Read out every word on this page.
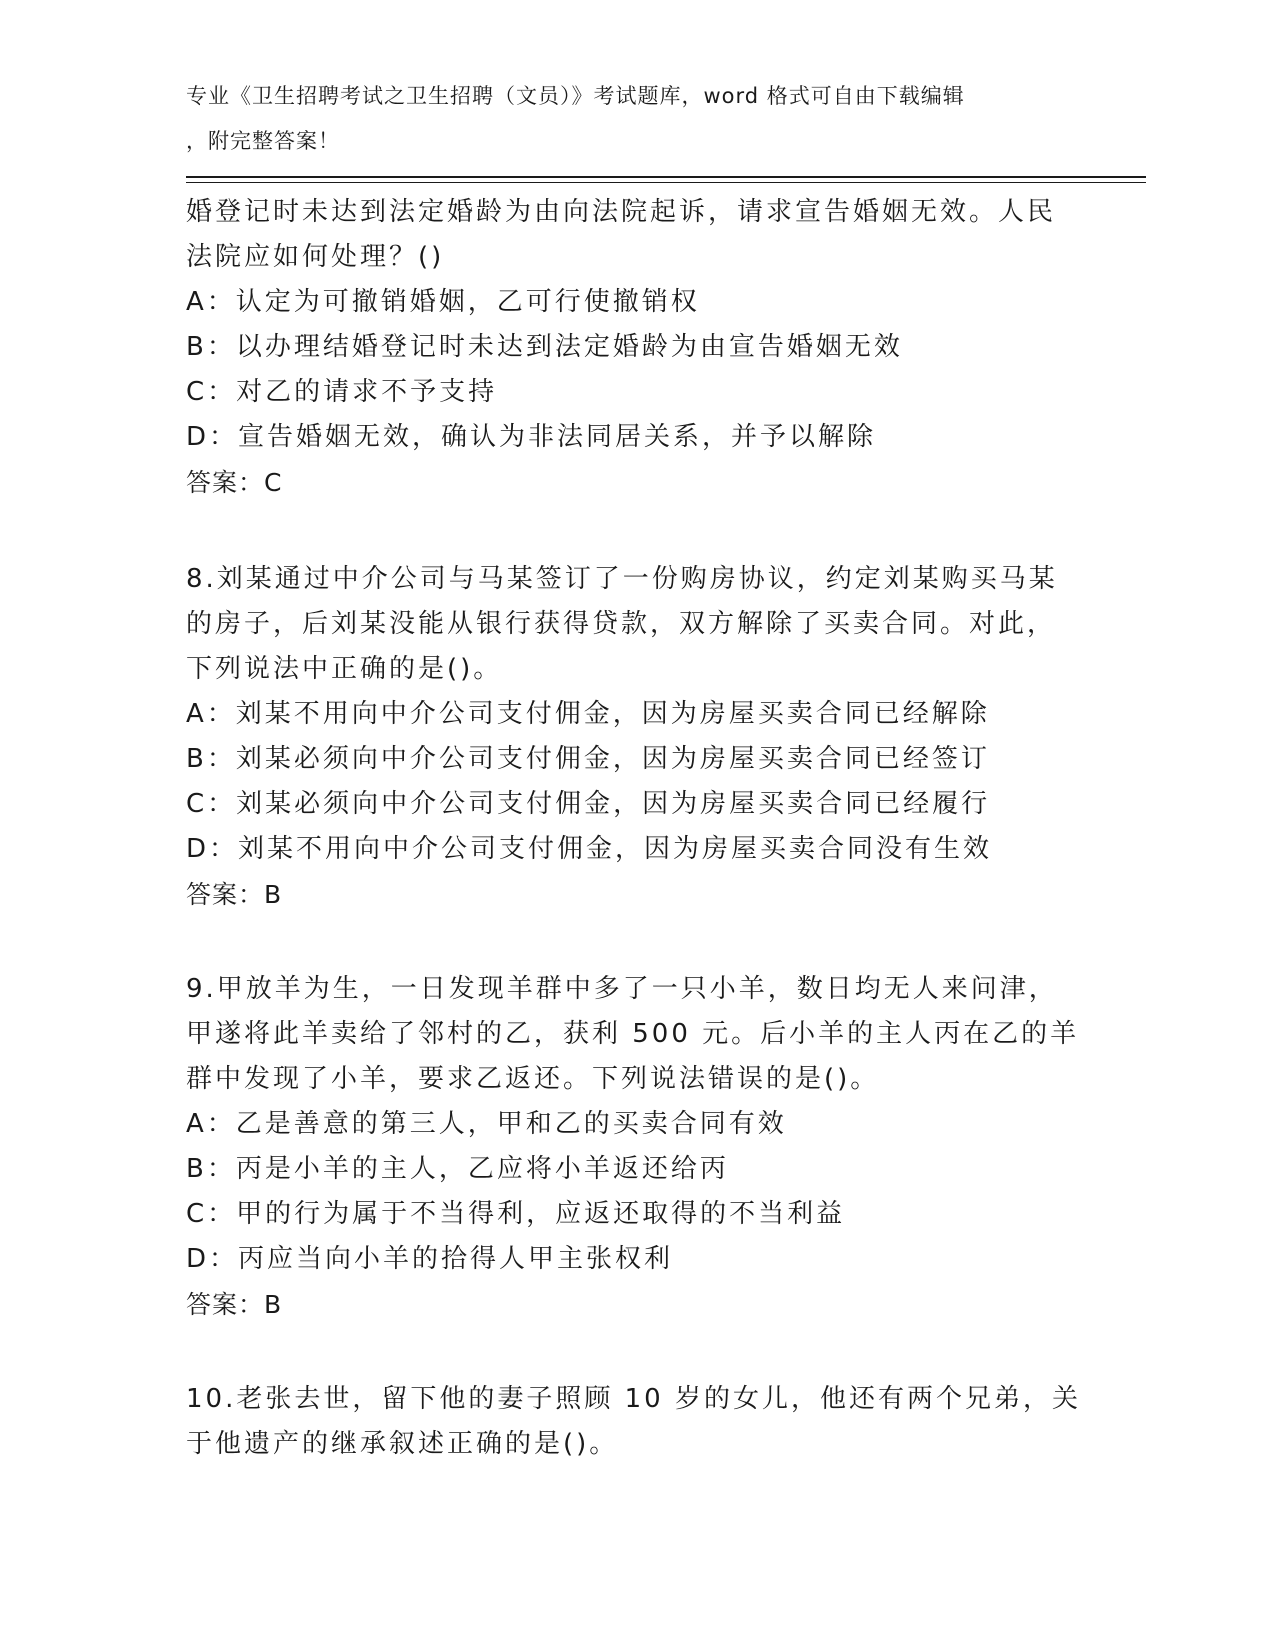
专业《卫生招聘考试之卫生招聘（文员）》考试题库，word 格式可自由下载编辑
，附完整答案！
婚登记时未达到法定婚龄为由向法院起诉，请求宣告婚姻无效。人民
法院应如何处理？()
A：认定为可撤销婚姻，乙可行使撤销权
B：以办理结婚登记时未达到法定婚龄为由宣告婚姻无效
C：对乙的请求不予支持
D：宣告婚姻无效，确认为非法同居关系，并予以解除
答案：C
8.刘某通过中介公司与马某签订了一份购房协议，约定刘某购买马某
的房子，后刘某没能从银行获得贷款，双方解除了买卖合同。对此，
下列说法中正确的是()。
A：刘某不用向中介公司支付佣金，因为房屋买卖合同已经解除
B：刘某必须向中介公司支付佣金，因为房屋买卖合同已经签订
C：刘某必须向中介公司支付佣金，因为房屋买卖合同已经履行
D：刘某不用向中介公司支付佣金，因为房屋买卖合同没有生效
答案：B
9.甲放羊为生，一日发现羊群中多了一只小羊，数日均无人来问津，
甲遂将此羊卖给了邻村的乙，获利 500 元。后小羊的主人丙在乙的羊
群中发现了小羊，要求乙返还。下列说法错误的是()。
A：乙是善意的第三人，甲和乙的买卖合同有效
B：丙是小羊的主人，乙应将小羊返还给丙
C：甲的行为属于不当得利，应返还取得的不当利益
D：丙应当向小羊的拾得人甲主张权利
答案：B
10.老张去世，留下他的妻子照顾 10 岁的女儿，他还有两个兄弟，关
于他遗产的继承叙述正确的是()。
